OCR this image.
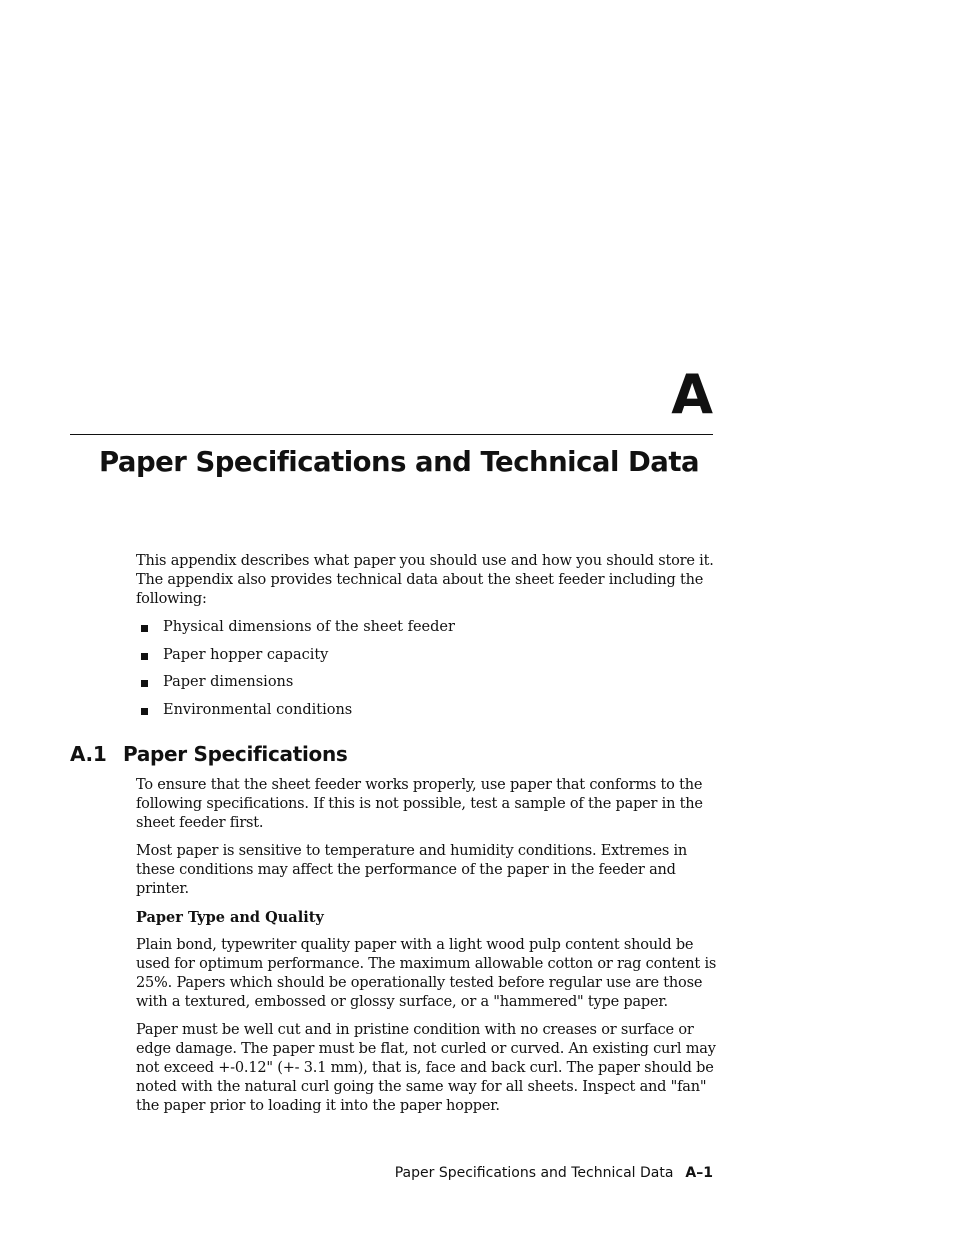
A
Paper Specifications and Technical Data

This appendix describes what paper you should use and how you should store it. The appendix also provides technical data about the sheet feeder including the following:

Physical dimensions of the sheet feeder
Paper hopper capacity
Paper dimensions
Environmental conditions
A.1 Paper Specifications

To ensure that the sheet feeder works properly, use paper that conforms to the following specifications. If this is not possible, test a sample of the paper in the sheet feeder first.

Most paper is sensitive to temperature and humidity conditions. Extremes in these conditions may affect the performance of the paper in the feeder and printer.

Paper Type and Quality

Plain bond, typewriter quality paper with a light wood pulp content should be used for optimum performance. The maximum allowable cotton or rag content is 25%. Papers which should be operationally tested before regular use are those with a textured, embossed or glossy surface, or a "hammered" type paper.

Paper must be well cut and in pristine condition with no creases or surface or edge damage. The paper must be flat, not curled or curved. An existing curl may not exceed +-0.12" (+- 3.1 mm), that is, face and back curl. The paper should be noted with the natural curl going the same way for all sheets. Inspect and "fan" the paper prior to loading it into the paper hopper.

Paper Specifications and Technical Data A–1
